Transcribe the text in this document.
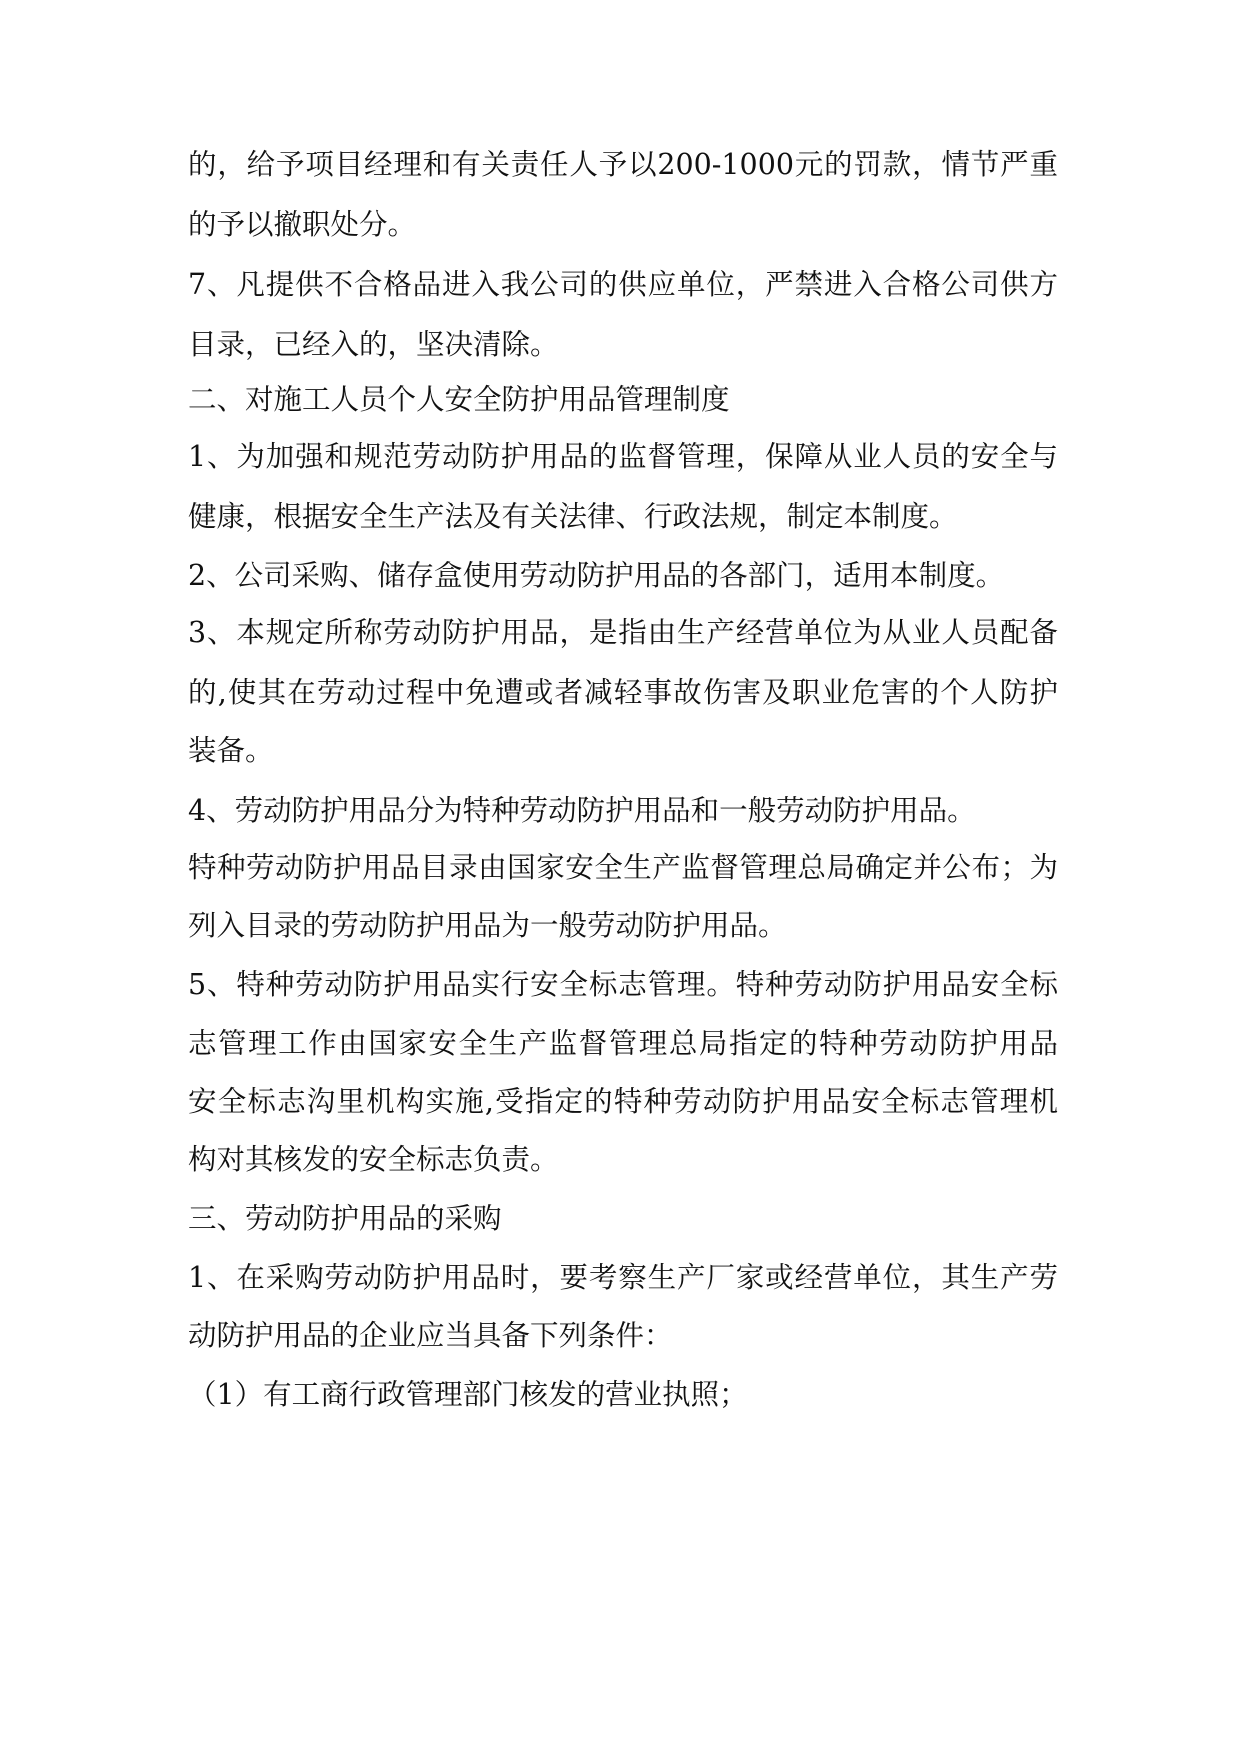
的，给予项目经理和有关责任人予以200-1000元的罚款，情节严重
的予以撤职处分。
7、凡提供不合格品进入我公司的供应单位，严禁进入合格公司供方
目录，已经入的，坚决清除。
二、对施工人员个人安全防护用品管理制度
1、为加强和规范劳动防护用品的监督管理，保障从业人员的安全与
健康，根据安全生产法及有关法律、行政法规，制定本制度。
2、公司采购、储存盒使用劳动防护用品的各部门，适用本制度。
3、本规定所称劳动防护用品，是指由生产经营单位为从业人员配备
的,使其在劳动过程中免遭或者减轻事故伤害及职业危害的个人防护
装备。
4、劳动防护用品分为特种劳动防护用品和一般劳动防护用品。
特种劳动防护用品目录由国家安全生产监督管理总局确定并公布；为
列入目录的劳动防护用品为一般劳动防护用品。
5、特种劳动防护用品实行安全标志管理。特种劳动防护用品安全标
志管理工作由国家安全生产监督管理总局指定的特种劳动防护用品
安全标志沟里机构实施,受指定的特种劳动防护用品安全标志管理机
构对其核发的安全标志负责。
三、劳动防护用品的采购
1、在采购劳动防护用品时，要考察生产厂家或经营单位，其生产劳
动防护用品的企业应当具备下列条件：
（1）有工商行政管理部门核发的营业执照；
